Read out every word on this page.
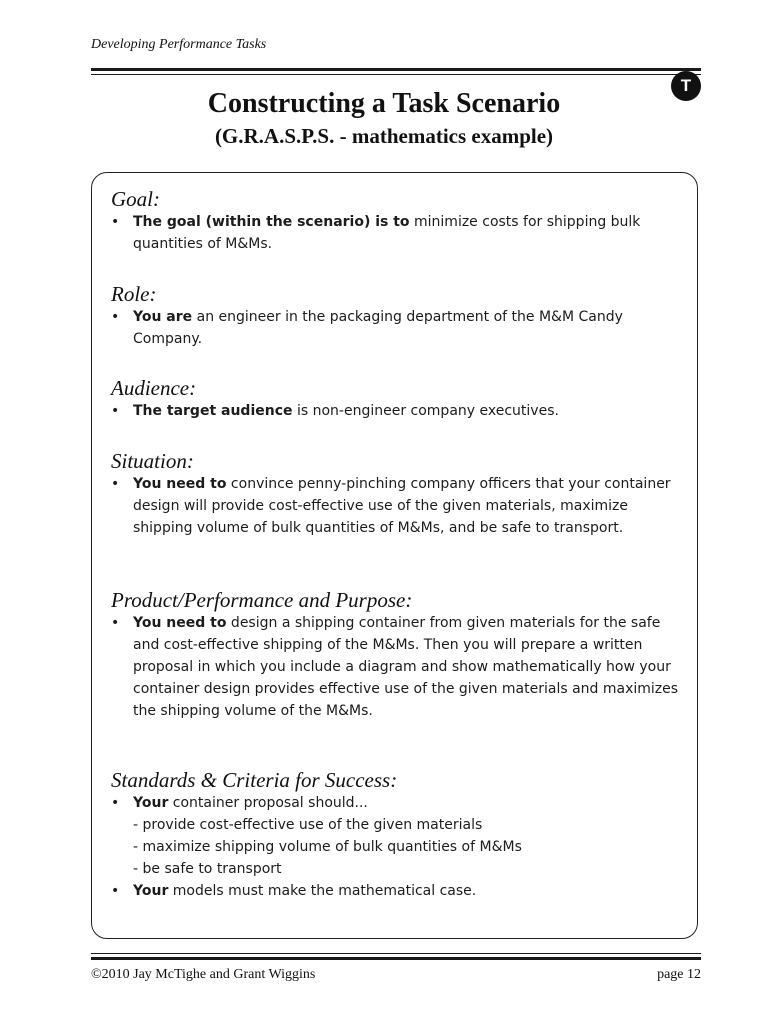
Developing Performance Tasks
T
Constructing a Task Scenario
(G.R.A.S.P.S. - mathematics example)
Goal:
• The goal (within the scenario) is to minimize costs for shipping bulk quantities of M&Ms.
Role:
• You are an engineer in the packaging department of the M&M Candy Company.
Audience:
• The target audience is non-engineer company executives.
Situation:
• You need to convince penny-pinching company officers that your container design will provide cost-effective use of the given materials, maximize shipping volume of bulk quantities of M&Ms, and be safe to transport.
Product/Performance and Purpose:
• You need to design a shipping container from given materials for the safe and cost-effective shipping of the M&Ms. Then you will prepare a written proposal in which you include a diagram and show mathematically how your container design provides effective use of the given materials and maximizes the shipping volume of the M&Ms.
Standards & Criteria for Success:
• Your container proposal should...
- provide cost-effective use of the given materials
- maximize shipping volume of bulk quantities of M&Ms
- be safe to transport
• Your models must make the mathematical case.
©2010 Jay McTighe and Grant Wiggins	page 12
